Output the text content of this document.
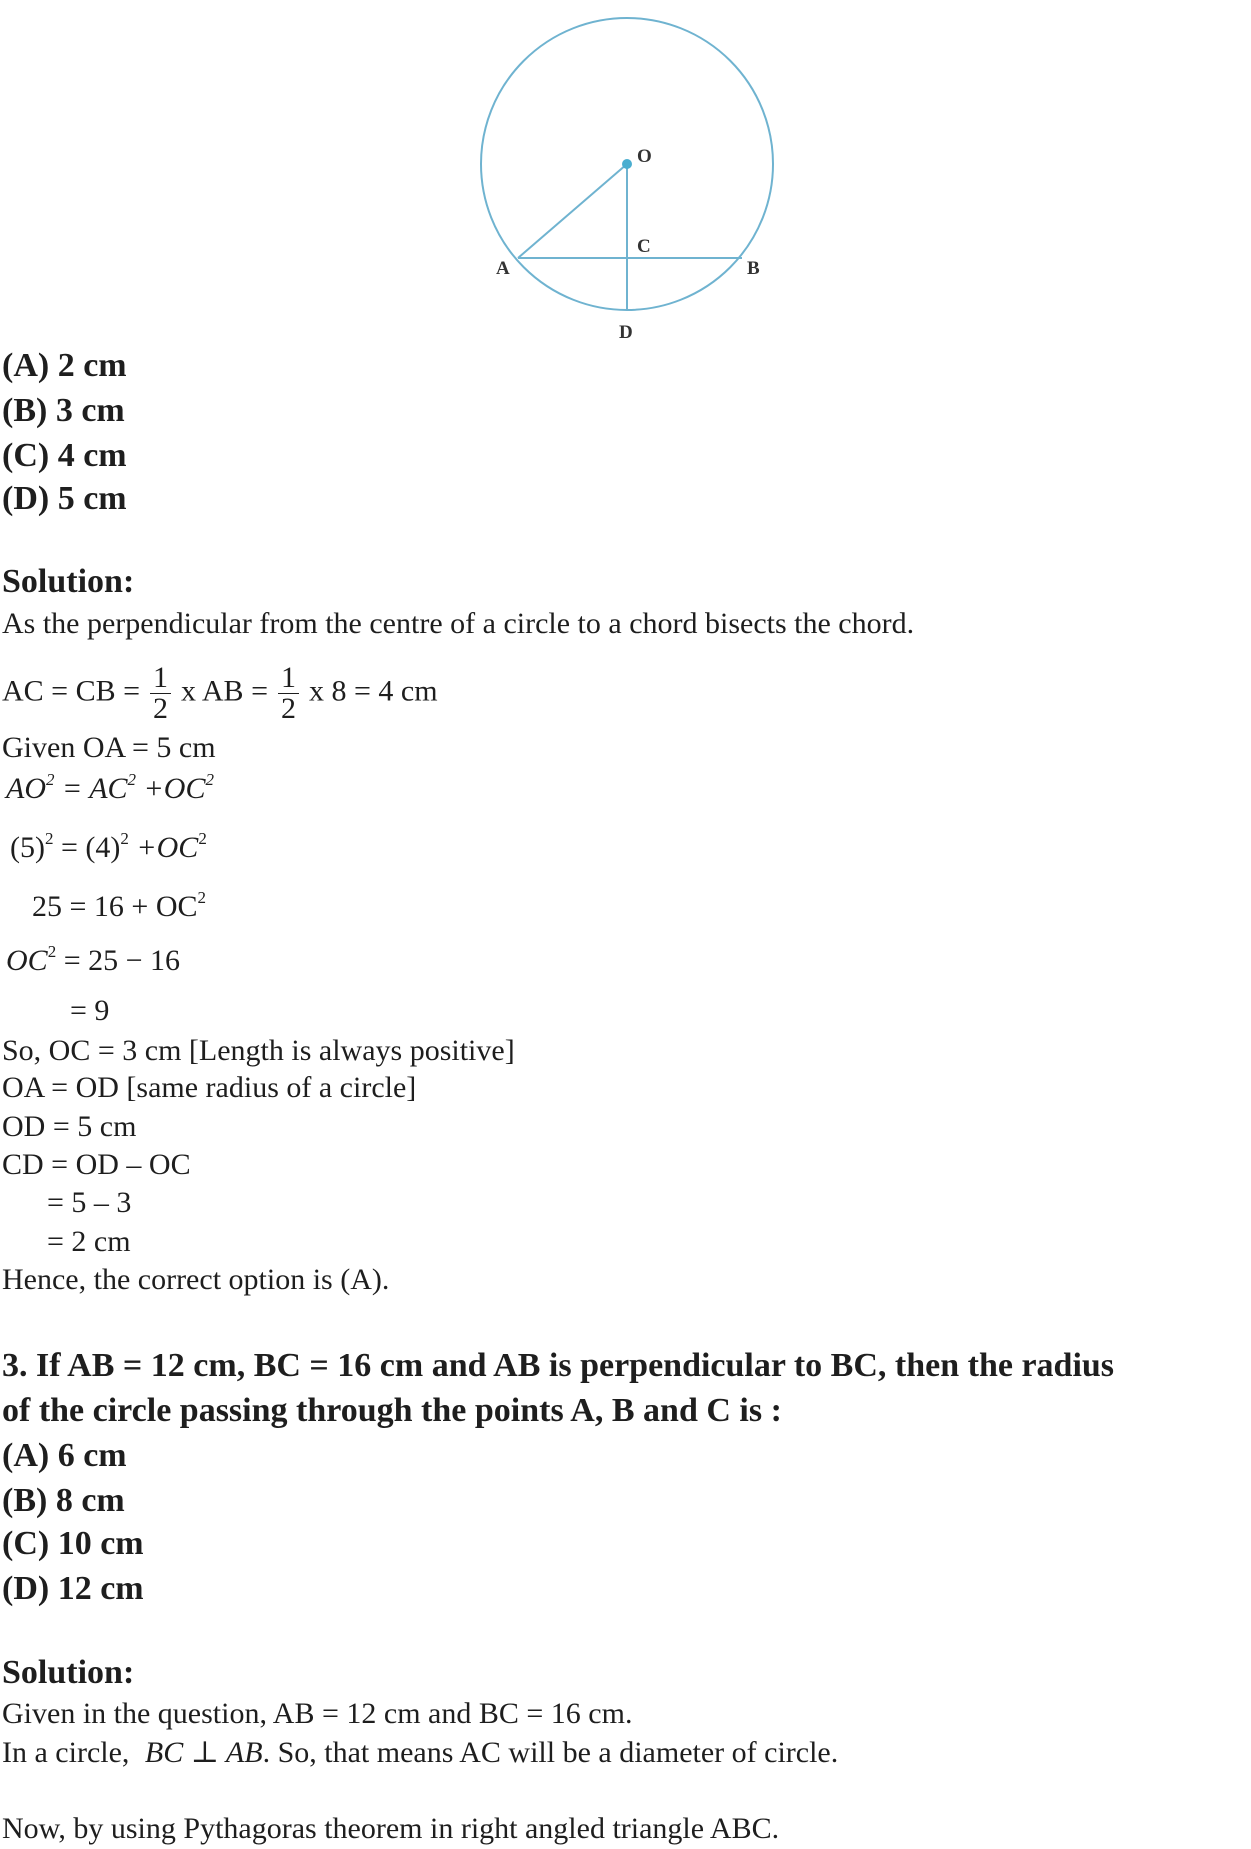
O
C
A	B
D
(A) 2 cm
(B) 3 cm
(C) 4 cm
(D) 5 cm
Solution:
As the perpendicular from the centre of a circle to a chord bisects the chord.
AC = CB = $\frac{1}{2}$ x AB = $\frac{1}{2}$ x 8 = 4 cm
Given OA = 5 cm
$AO^2 = AC^2 +OC^2$
$(5)^2 = (4)^2 +OC^2$
$25 = 16 + OC^2$
$OC^2 = 25 - 16$
= 9
So, OC = 3 cm [Length is always positive]
OA = OD [same radius of a circle]
OD = 5 cm
CD = OD – OC
= 5 – 3
= 2 cm
Hence, the correct option is (A).
3. If AB = 12 cm, BC = 16 cm and AB is perpendicular to BC, then the radius
of the circle passing through the points A, B and C is :
(A) 6 cm
(B) 8 cm
(C) 10 cm
(D) 12 cm
Solution:
Given in the question, AB = 12 cm and BC = 16 cm.
In a circle, BC ⊥ AB. So, that means AC will be a diameter of circle.
Now, by using Pythagoras theorem in right angled triangle ABC.
